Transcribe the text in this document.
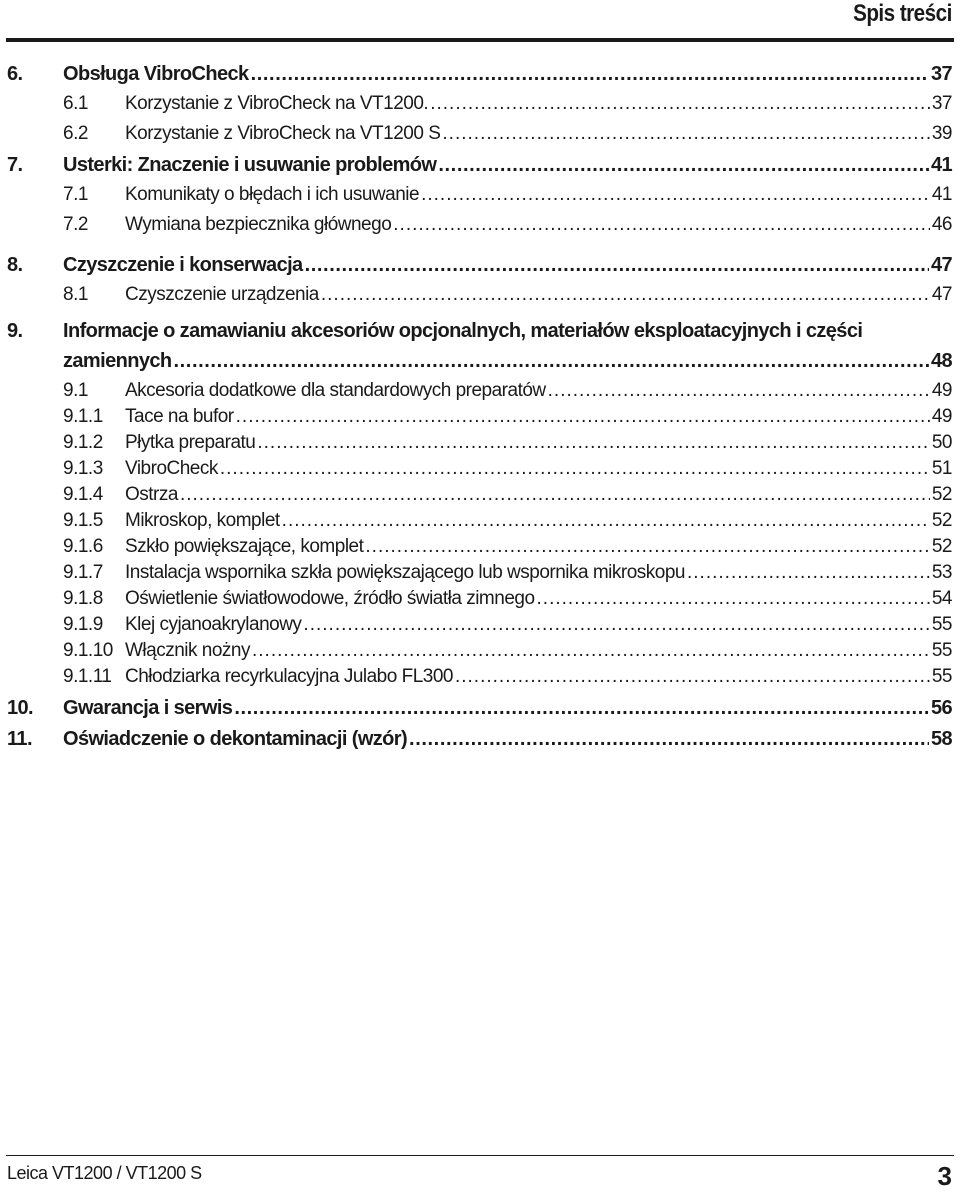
Spis treści
6. Obsługa VibroCheck .....	37
6.1 Korzystanie z VibroCheck na VT1200. .....	37
6.2 Korzystanie z VibroCheck na VT1200 S .....	39
7. Usterki: Znaczenie i usuwanie problemów .....	41
7.1 Komunikaty o błędach i ich usuwanie .....	41
7.2 Wymiana bezpiecznika głównego .....	46
8. Czyszczenie i konserwacja .....	47
8.1 Czyszczenie urządzenia .....	47
9. Informacje o zamawianiu akcesoriów opcjonalnych, materiałów eksploatacyjnych i części
zamiennych .....	48
9.1 Akcesoria dodatkowe dla standardowych preparatów .....	49
9.1.1 Tace na bufor .....	49
9.1.2 Płytka preparatu .....	50
9.1.3 VibroCheck .....	51
9.1.4 Ostrza .....	52
9.1.5 Mikroskop, komplet .....	52
9.1.6 Szkło powiększające, komplet .....	52
9.1.7 Instalacja wspornika szkła powiększającego lub wspornika mikroskopu .....	53
9.1.8 Oświetlenie światłowodowe, źródło światła zimnego .....	54
9.1.9 Klej cyjanoakrylanowy .....	55
9.1.10 Włącznik nożny .....	55
9.1.11 Chłodziarka recyrkulacyjna Julabo FL300 .....	55
10. Gwarancja i serwis .....	56
11. Oświadczenie o dekontaminacji (wzór) .....	58
Leica VT1200 / VT1200 S	3
